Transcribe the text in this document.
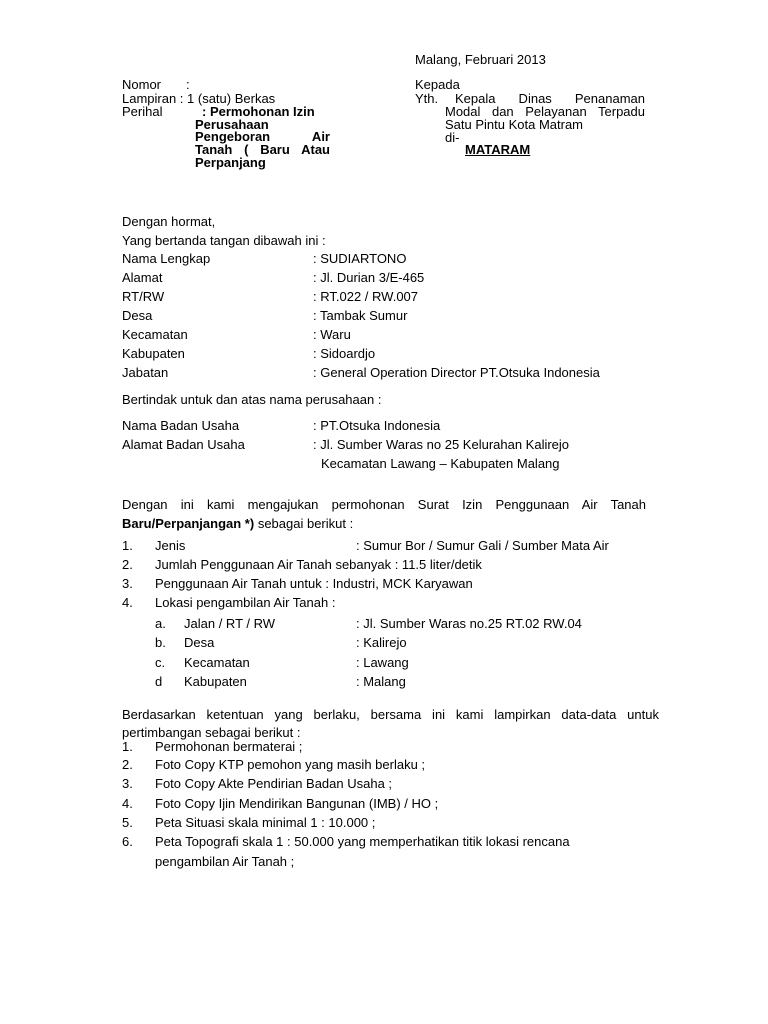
Malang, Februari 2013
Nomor :
Lampiran : 1 (satu) Berkas
Perihal	: Permohonan Izin
Perusahaan
Pengeboran Air
Tanah ( Baru Atau
Perpanjang
Kepada
Yth. Kepala Dinas Penanaman
Modal dan Pelayanan Terpadu
Satu Pintu Kota Matram
di-
MATARAM
Dengan hormat,
Yang bertanda tangan dibawah ini :
Nama Lengkap	: SUDIARTONO
Alamat	: Jl. Durian 3/E-465
RT/RW	: RT.022 / RW.007
Desa	: Tambak Sumur
Kecamatan	: Waru
Kabupaten	: Sidoardjo
Jabatan	: General Operation Director PT.Otsuka Indonesia
Bertindak untuk dan atas nama perusahaan :
Nama Badan Usaha	: PT.Otsuka Indonesia
Alamat Badan Usaha	: Jl. Sumber Waras no 25 Kelurahan Kalirejo
Kecamatan Lawang – Kabupaten Malang
Dengan ini kami mengajukan permohonan Surat Izin Penggunaan Air Tanah
Baru/Perpanjangan *) sebagai berikut :
1. Jenis	: Sumur Bor / Sumur Gali / Sumber Mata Air
2. Jumlah Penggunaan Air Tanah sebanyak : 11.5 liter/detik
3. Penggunaan Air Tanah untuk : Industri, MCK Karyawan
4. Lokasi pengambilan Air Tanah :
a. Jalan / RT / RW	: Jl. Sumber Waras no.25 RT.02 RW.04
b. Desa	: Kalirejo
c. Kecamatan	: Lawang
d Kabupaten	: Malang
Berdasarkan ketentuan yang berlaku, bersama ini kami lampirkan data-data untuk
pertimbangan sebagai berikut :
1. Permohonan bermaterai ;
2. Foto Copy KTP pemohon yang masih berlaku ;
3. Foto Copy Akte Pendirian Badan Usaha ;
4. Foto Copy Ijin Mendirikan Bangunan (IMB) / HO ;
5. Peta Situasi skala minimal 1 : 10.000 ;
6. Peta Topografi skala 1 : 50.000 yang memperhatikan titik lokasi rencana
pengambilan Air Tanah ;
